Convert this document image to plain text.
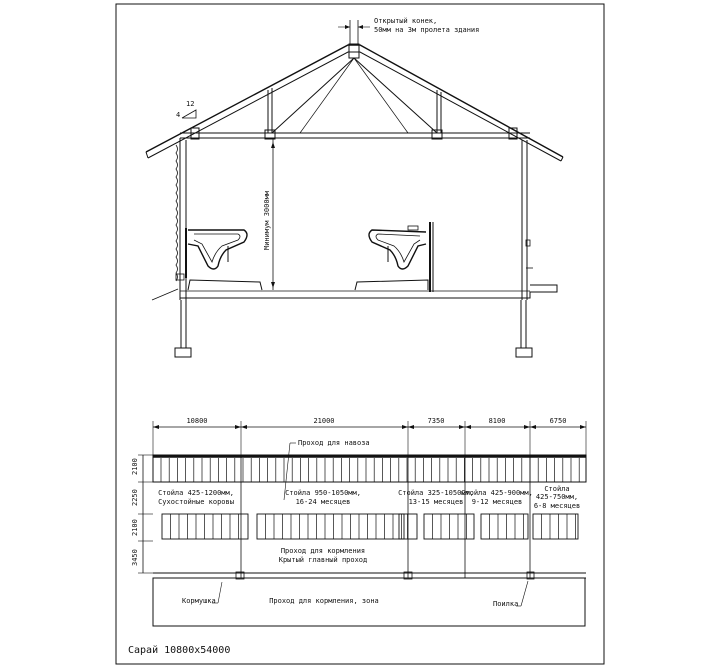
Открытый конек,
50мм на 3м пролета здания
12
4
Минимум 3000мм
10800	21000	7350	8100	6750
2100
2250
2100
3450
Проход для навоза
Стойла 425-1200мм,
Сухостойные коровы
Стойла 950-1050мм,
16-24 месяцев
Стойла 325-1050мм,
13-15 месяцев
Стойла 425-900мм,
9-12 месяцев
Стойла
425-750мм,
6-8 месяцев
Проход для кормления
Крытый главный проход
Проход для кормления, зона
Кормушка	Поилка
Сарай 10800x54000
